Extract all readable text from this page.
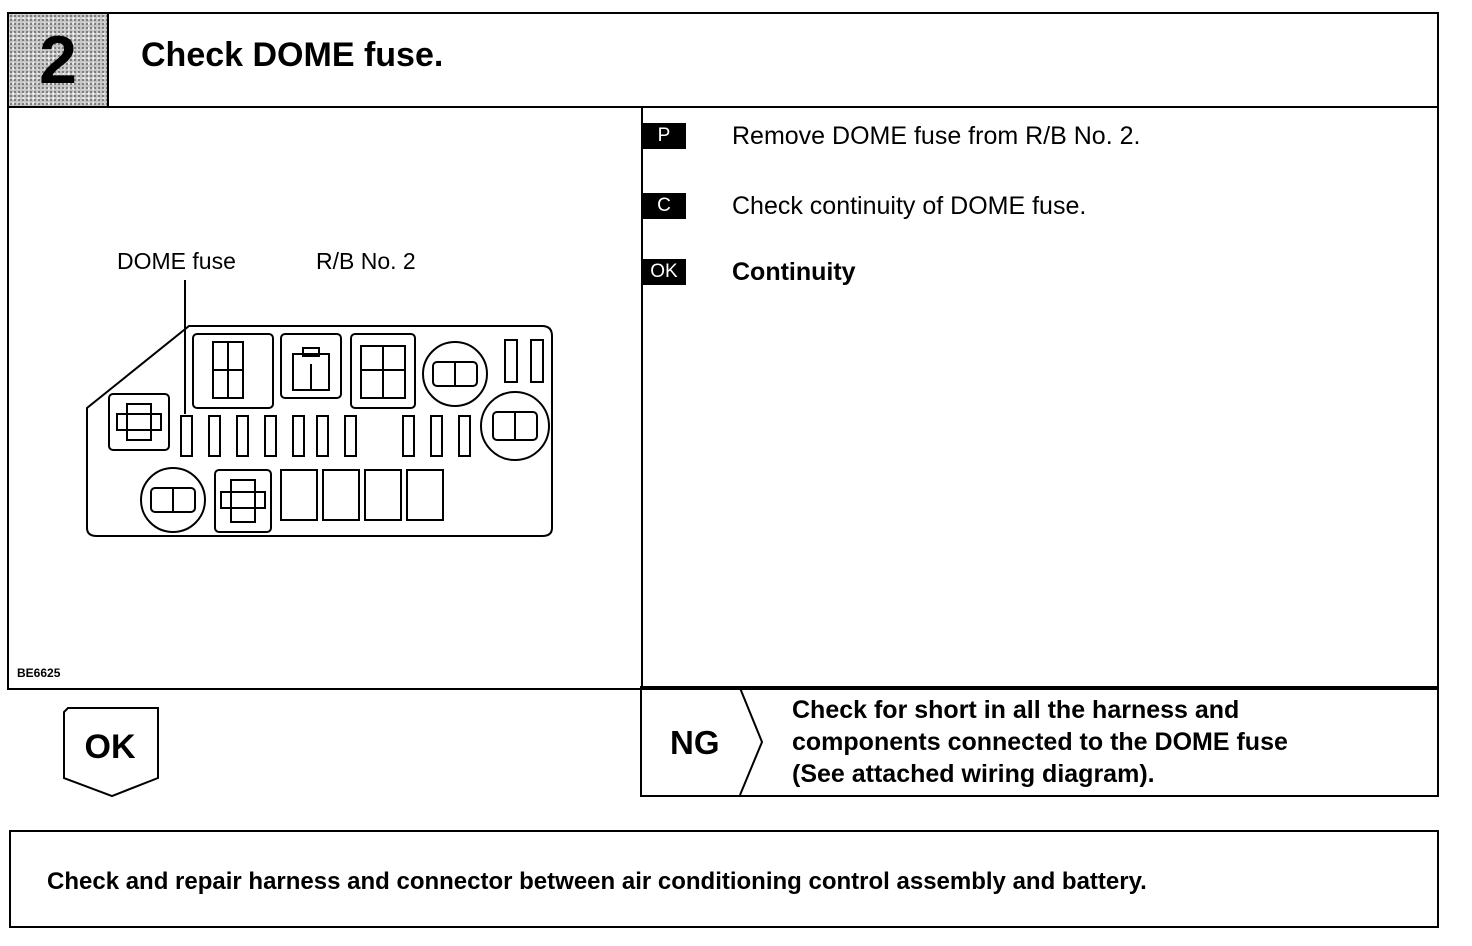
2	Check DOME fuse.
DOME fuse	R/B No. 2
BE6625
P	Remove DOME fuse from R/B No. 2.
C	Check continuity of DOME fuse.
OK	Continuity
OK	NG
Check for short in all the harness and
components connected to the DOME fuse
(See attached wiring diagram).
Check and repair harness and connector between air conditioning control assembly and battery.
